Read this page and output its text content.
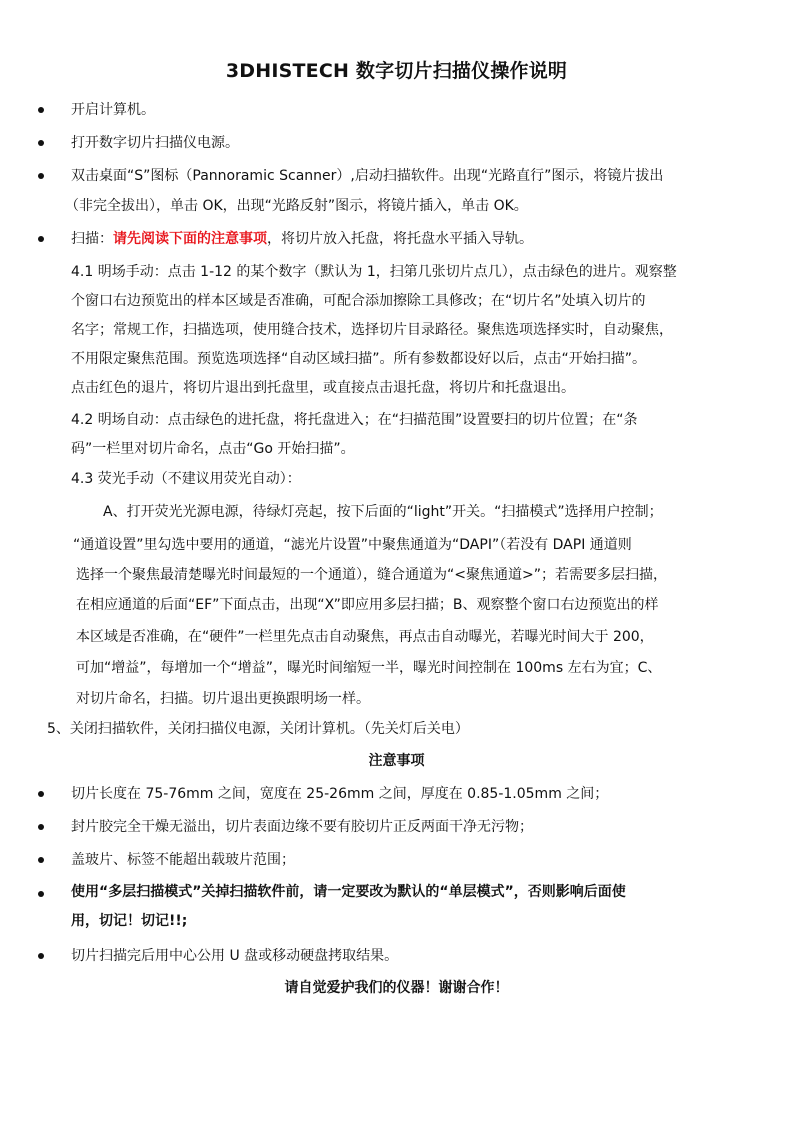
3DHISTECH 数字切片扫描仪操作说明
开启计算机。
打开数字切片扫描仪电源。
双击桌面“S”图标（Pannoramic Scanner）,启动扫描软件。出现“光路直行”图示，将镜片拔出
（非完全拔出），单击 OK，出现“光路反射”图示，将镜片插入，单击 OK。
扫描：请先阅读下面的注意事项，将切片放入托盘，将托盘水平插入导轨。
4.1 明场手动：点击 1-12 的某个数字（默认为 1，扫第几张切片点几），点击绿色的进片。观察整
个窗口右边预览出的样本区域是否准确，可配合添加擦除工具修改；在“切片名”处填入切片的
名字；常规工作，扫描选项，使用缝合技术，选择切片目录路径。聚焦选项选择实时，自动聚焦，
不用限定聚焦范围。预览选项选择“自动区域扫描”。所有参数都设好以后，点击“开始扫描”。
点击红色的退片，将切片退出到托盘里，或直接点击退托盘，将切片和托盘退出。
4.2 明场自动：点击绿色的进托盘，将托盘进入；在“扫描范围”设置要扫的切片位置；在“条
码”一栏里对切片命名，点击“Go 开始扫描”。
4.3 荧光手动（不建议用荧光自动）：
A、打开荧光光源电源，待绿灯亮起，按下后面的“light”开关。“扫描模式”选择用户控制；
“通道设置”里勾选中要用的通道，“滤光片设置”中聚焦通道为“DAPI”（若没有 DAPI 通道则
选择一个聚焦最清楚曝光时间最短的一个通道），缝合通道为“<聚焦通道>”；若需要多层扫描，
在相应通道的后面“EF”下面点击，出现“X”即应用多层扫描；B、观察整个窗口右边预览出的样
本区域是否准确，在“硬件”一栏里先点击自动聚焦，再点击自动曝光，若曝光时间大于 200，
可加“增益”，每增加一个“增益”，曝光时间缩短一半，曝光时间控制在 100ms 左右为宜；C、
对切片命名，扫描。切片退出更换跟明场一样。
5、关闭扫描软件，关闭扫描仪电源，关闭计算机。（先关灯后关电）
注意事项
切片长度在 75-76mm 之间，宽度在 25-26mm 之间，厚度在 0.85-1.05mm 之间；
封片胶完全干燥无溢出，切片表面边缘不要有胶切片正反两面干净无污物；
盖玻片、标签不能超出载玻片范围；
使用“多层扫描模式”关掉扫描软件前，请一定要改为默认的“单层模式”，否则影响后面使
用，切记！切记!!;
切片扫描完后用中心公用 U 盘或移动硬盘拷取结果。
请自觉爱护我们的仪器！谢谢合作！
